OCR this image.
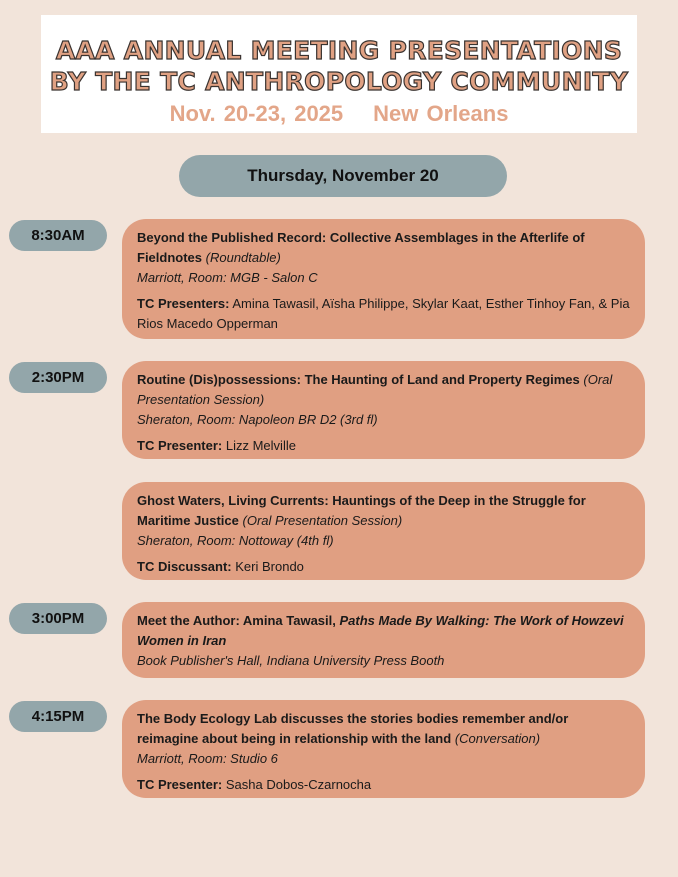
AAA ANNUAL MEETING PRESENTATIONS
BY THE TC ANTHROPOLOGY COMMUNITY
Nov. 20-23, 2025 New Orleans
Thursday, November 20
8:30AM	Beyond the Published Record: Collective Assemblages in the Afterlife of Fieldnotes (Roundtable)
Marriott, Room: MGB - Salon C
TC Presenters: Amina Tawasil, Aïsha Philippe, Skylar Kaat, Esther Tinhoy Fan, & Pia Rios Macedo Opperman
2:30PM	Routine (Dis)possessions: The Haunting of Land and Property Regimes (Oral Presentation Session)
Sheraton, Room: Napoleon BR D2 (3rd fl)
TC Presenter: Lizz Melville
Ghost Waters, Living Currents: Hauntings of the Deep in the Struggle for Maritime Justice (Oral Presentation Session)
Sheraton, Room: Nottoway (4th fl)
TC Discussant: Keri Brondo
3:00PM	Meet the Author: Amina Tawasil, Paths Made By Walking: The Work of Howzevi Women in Iran
Book Publisher's Hall, Indiana University Press Booth
4:15PM	The Body Ecology Lab discusses the stories bodies remember and/or reimagine about being in relationship with the land (Conversation)
Marriott, Room: Studio 6
TC Presenter: Sasha Dobos-Czarnocha
